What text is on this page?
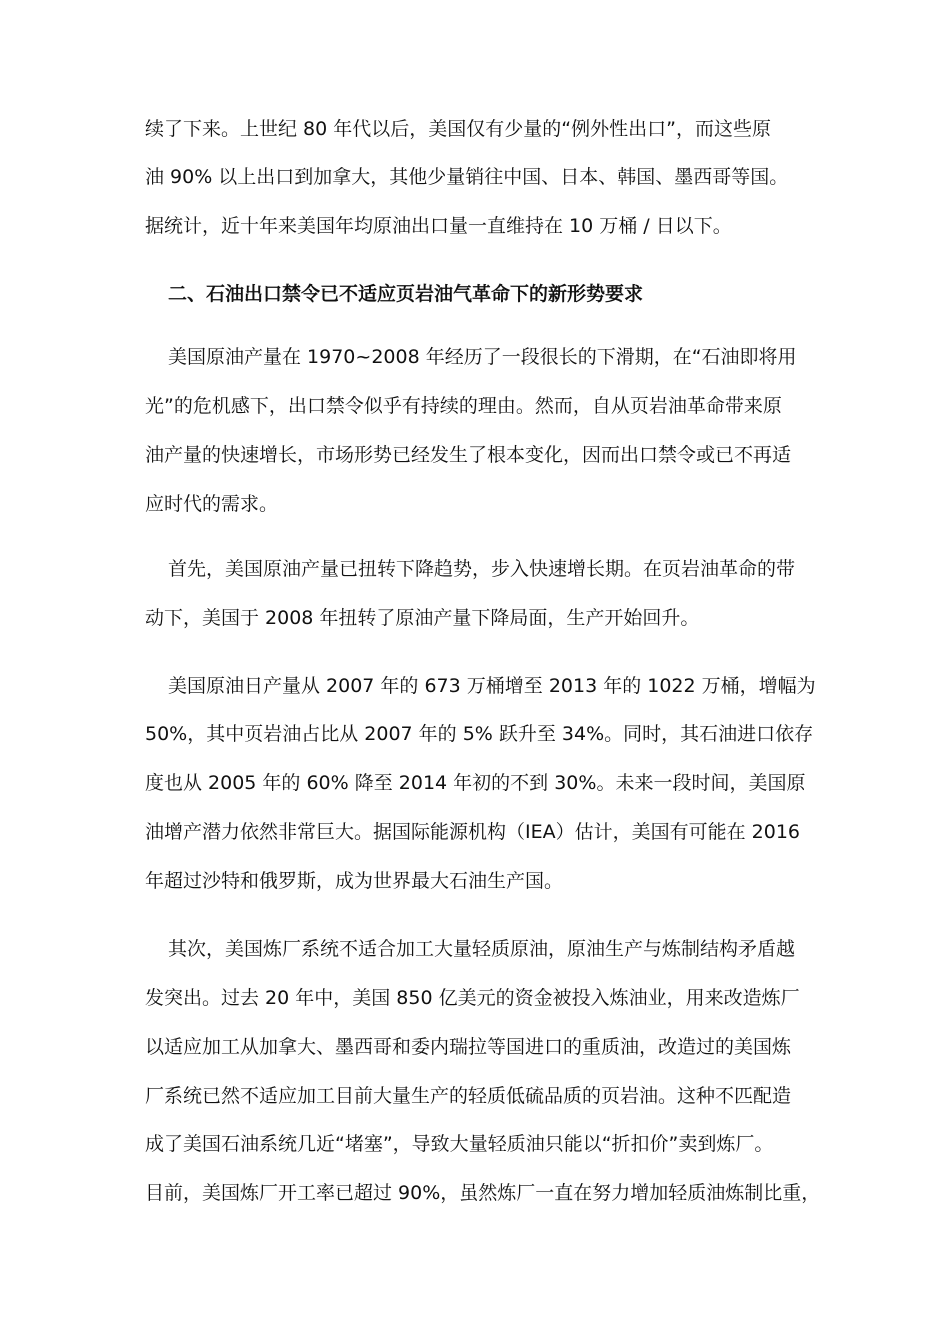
续了下来。上世纪 80 年代以后，美国仅有少量的“例外性出口”，而这些原

油 90% 以上出口到加拿大，其他少量销往中国、日本、韩国、墨西哥等国。

据统计，近十年来美国年均原油出口量一直维持在 10 万桶 / 日以下。

二、石油出口禁令已不适应页岩油气革命下的新形势要求

美国原油产量在 1970~2008 年经历了一段很长的下滑期，在“石油即将用

光”的危机感下，出口禁令似乎有持续的理由。然而，自从页岩油革命带来原

油产量的快速增长，市场形势已经发生了根本变化，因而出口禁令或已不再适

应时代的需求。

首先，美国原油产量已扭转下降趋势，步入快速增长期。在页岩油革命的带

动下，美国于 2008 年扭转了原油产量下降局面，生产开始回升。

美国原油日产量从 2007 年的 673 万桶增至 2013 年的 1022 万桶，增幅为

50%，其中页岩油占比从 2007 年的 5% 跃升至 34%。同时，其石油进口依存

度也从 2005 年的 60% 降至 2014 年初的不到 30%。未来一段时间，美国原

油增产潜力依然非常巨大。据国际能源机构（IEA）估计，美国有可能在 2016

年超过沙特和俄罗斯，成为世界最大石油生产国。

其次，美国炼厂系统不适合加工大量轻质原油，原油生产与炼制结构矛盾越

发突出。过去 20 年中，美国 850 亿美元的资金被投入炼油业，用来改造炼厂

以适应加工从加拿大、墨西哥和委内瑞拉等国进口的重质油，改造过的美国炼

厂系统已然不适应加工目前大量生产的轻质低硫品质的页岩油。这种不匹配造

成了美国石油系统几近“堵塞”，导致大量轻质油只能以“折扣价”卖到炼厂。

目前，美国炼厂开工率已超过 90%，虽然炼厂一直在努力增加轻质油炼制比重，
